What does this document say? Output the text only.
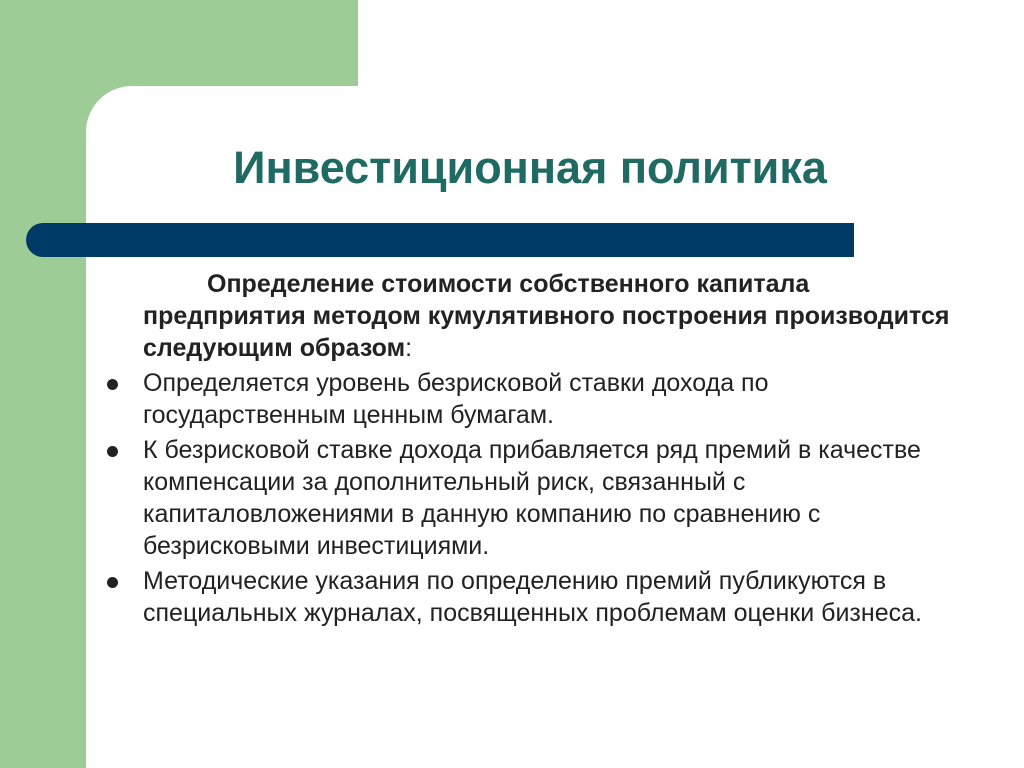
Инвестиционная политика

Определение стоимости собственного капитала предприятия методом кумулятивного построения производится следующим образом:

Определяется уровень безрисковой ставки дохода по государственным ценным бумагам.
К безрисковой ставке дохода прибавляется ряд премий в качестве компенсации за дополнительный риск, связанный с капиталовложениями в данную компанию по сравнению с безрисковыми инвестициями.
Методические указания по определению премий публикуются в специальных журналах, посвященных проблемам оценки бизнеса.
